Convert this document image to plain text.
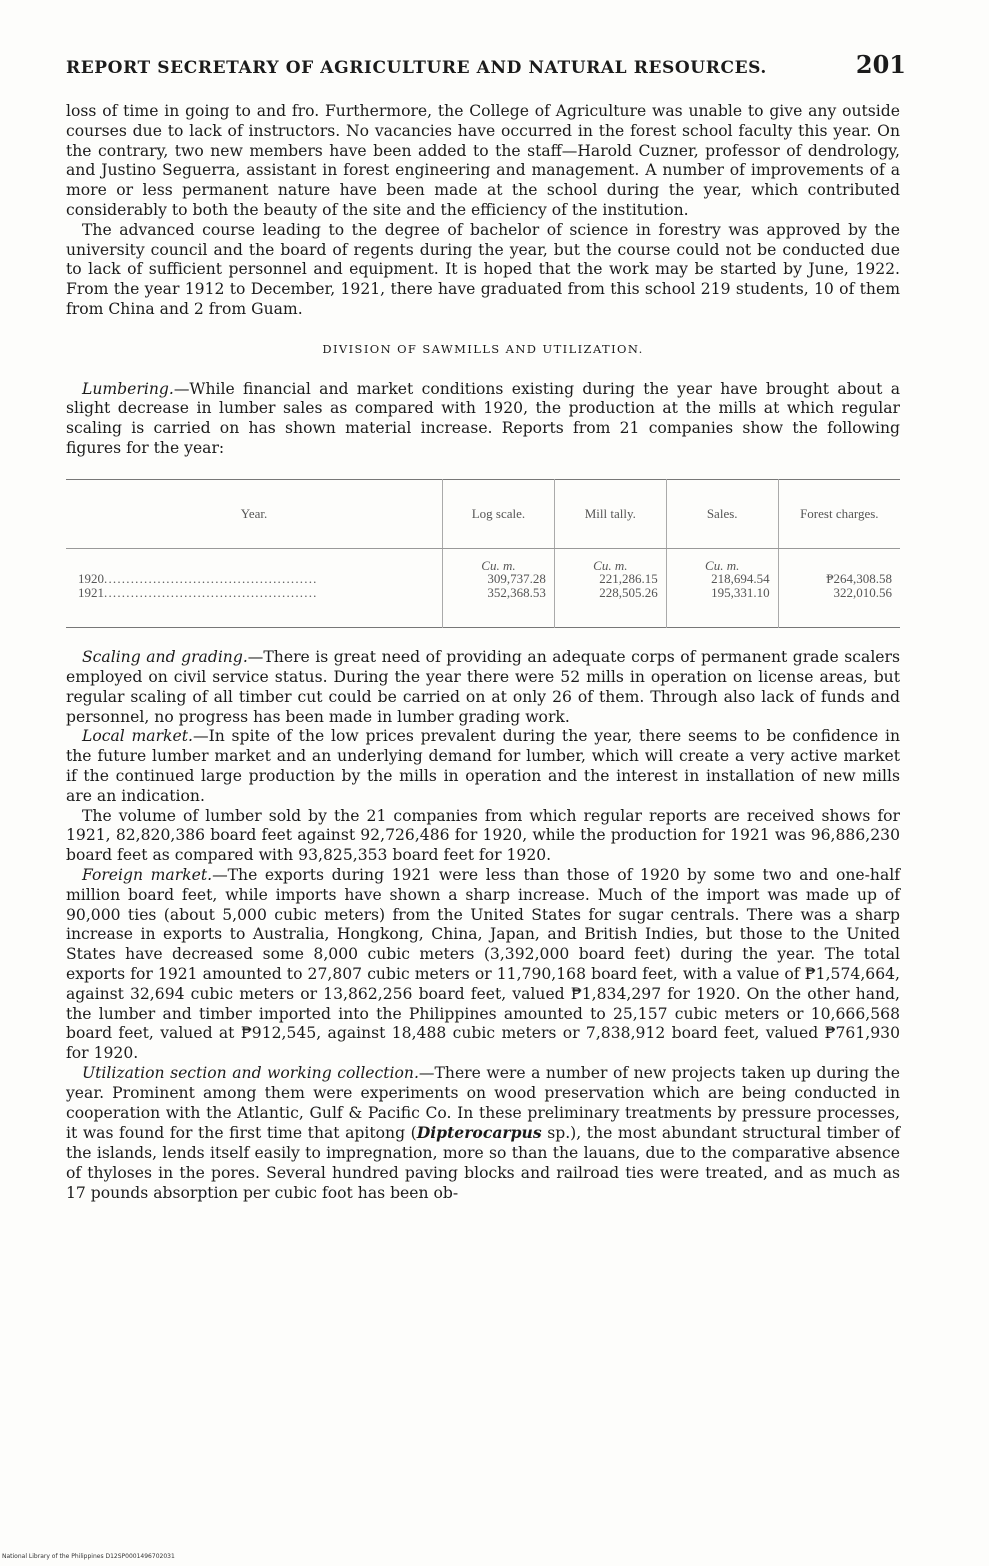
REPORT SECRETARY OF AGRICULTURE AND NATURAL RESOURCES.	201

loss of time in going to and fro. Furthermore, the College of Agriculture was unable to give any outside courses due to lack of instructors. No vacancies have occurred in the forest school faculty this year. On the contrary, two new members have been added to the staff—Harold Cuzner, professor of dendrology, and Justino Seguerra, assistant in forest engineering and management. A number of improvements of a more or less permanent nature have been made at the school during the year, which contributed considerably to both the beauty of the site and the efficiency of the institution.

The advanced course leading to the degree of bachelor of science in forestry was approved by the university council and the board of regents during the year, but the course could not be conducted due to lack of sufficient personnel and equipment. It is hoped that the work may be started by June, 1922. From the year 1912 to December, 1921, there have graduated from this school 219 students, 10 of them from China and 2 from Guam.

DIVISION OF SAWMILLS AND UTILIZATION.

Lumbering.—While financial and market conditions existing during the year have brought about a slight decrease in lumber sales as compared with 1920, the production at the mills at which regular scaling is carried on has shown material increase. Reports from 21 companies show the following figures for the year:

Year.	Log scale.	Mill tally.	Sales.	Forest charges.
	Cu. m.	Cu. m.	Cu. m.	
1920................................................	309,737.28	221,286.15	218,694.54	₱264,308.58
1921................................................	352,368.53	228,505.26	195,331.10	322,010.56

Scaling and grading.—There is great need of providing an adequate corps of permanent grade scalers employed on civil service status. During the year there were 52 mills in operation on license areas, but regular scaling of all timber cut could be carried on at only 26 of them. Through also lack of funds and personnel, no progress has been made in lumber grading work.

Local market.—In spite of the low prices prevalent during the year, there seems to be confidence in the future lumber market and an underlying demand for lumber, which will create a very active market if the continued large production by the mills in operation and the interest in installation of new mills are an indication.

The volume of lumber sold by the 21 companies from which regular reports are received shows for 1921, 82,820,386 board feet against 92,726,486 for 1920, while the production for 1921 was 96,886,230 board feet as compared with 93,825,353 board feet for 1920.

Foreign market.—The exports during 1921 were less than those of 1920 by some two and one-half million board feet, while imports have shown a sharp increase. Much of the import was made up of 90,000 ties (about 5,000 cubic meters) from the United States for sugar centrals. There was a sharp increase in exports to Australia, Hongkong, China, Japan, and British Indies, but those to the United States have decreased some 8,000 cubic meters (3,392,000 board feet) during the year. The total exports for 1921 amounted to 27,807 cubic meters or 11,790,168 board feet, with a value of ₱1,574,664, against 32,694 cubic meters or 13,862,256 board feet, valued ₱1,834,297 for 1920. On the other hand, the lumber and timber imported into the Philippines amounted to 25,157 cubic meters or 10,666,568 board feet, valued at ₱912,545, against 18,488 cubic meters or 7,838,912 board feet, valued ₱761,930 for 1920.

Utilization section and working collection.—There were a number of new projects taken up during the year. Prominent among them were experiments on wood preservation which are being conducted in cooperation with the Atlantic, Gulf & Pacific Co. In these preliminary treatments by pressure processes, it was found for the first time that apitong (Dipterocarpus sp.), the most abundant structural timber of the islands, lends itself easily to impregnation, more so than the lauans, due to the comparative absence of thyloses in the pores. Several hundred paving blocks and railroad ties were treated, and as much as 17 pounds absorption per cubic foot has been ob-

National Library of the Philippines D12SP0001496702031
